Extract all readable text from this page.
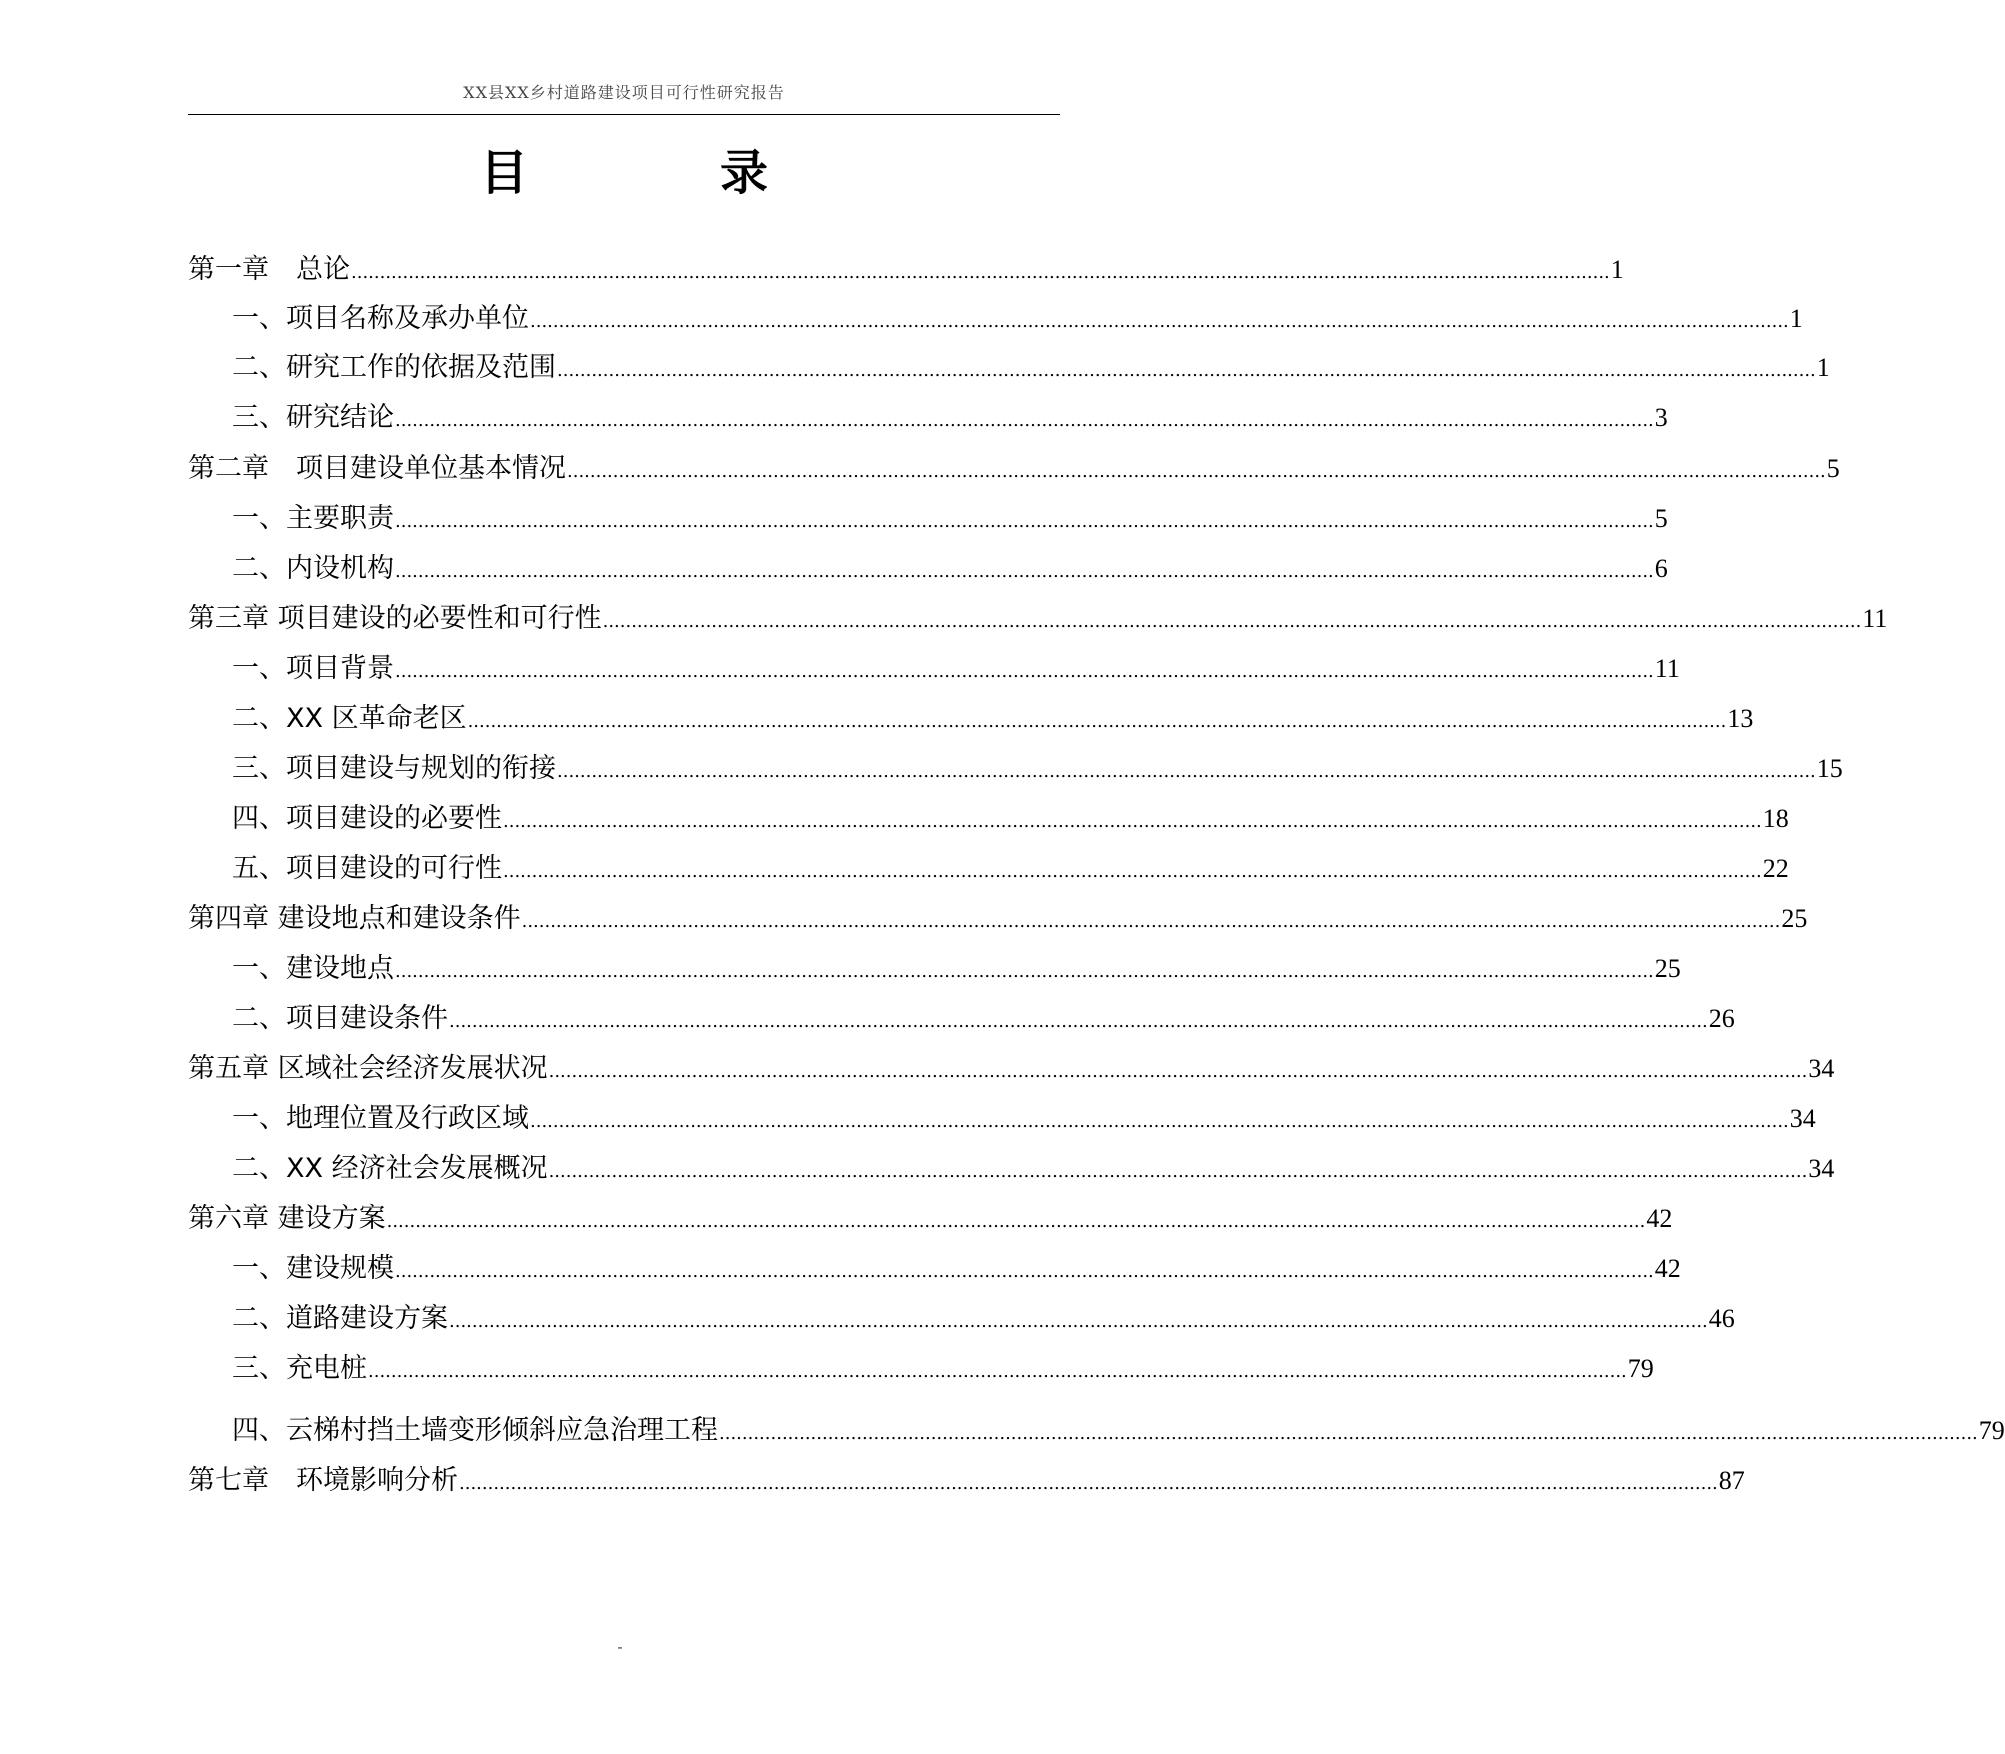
XX县XX乡村道路建设项目可行性研究报告
目　录
第一章　总论 ............................................................................................................................................................................................................................ 1
一、项目名称及承办单位 ............................................................................................................................................................................................................................ 1
二、研究工作的依据及范围 ............................................................................................................................................................................................................................ 1
三、研究结论 ............................................................................................................................................................................................................................ 3
第二章　项目建设单位基本情况 ............................................................................................................................................................................................................................ 5
一、主要职责 ............................................................................................................................................................................................................................ 5
二、内设机构 ............................................................................................................................................................................................................................ 6
第三章 项目建设的必要性和可行性 ............................................................................................................................................................................................................................ 11
一、项目背景 ............................................................................................................................................................................................................................ 11
二、XX 区革命老区 ............................................................................................................................................................................................................................ 13
三、项目建设与规划的衔接 ............................................................................................................................................................................................................................ 15
四、项目建设的必要性 ............................................................................................................................................................................................................................ 18
五、项目建设的可行性 ............................................................................................................................................................................................................................ 22
第四章 建设地点和建设条件 ............................................................................................................................................................................................................................ 25
一、建设地点 ............................................................................................................................................................................................................................ 25
二、项目建设条件 ............................................................................................................................................................................................................................ 26
第五章 区域社会经济发展状况 ............................................................................................................................................................................................................................ 34
一、地理位置及行政区域 ............................................................................................................................................................................................................................ 34
二、XX 经济社会发展概况 ............................................................................................................................................................................................................................ 34
第六章 建设方案 ............................................................................................................................................................................................................................ 42
一、建设规模 ............................................................................................................................................................................................................................ 42
二、道路建设方案 ............................................................................................................................................................................................................................ 46
三、充电桩 ............................................................................................................................................................................................................................ 79
四、云梯村挡土墙变形倾斜应急治理工程 ............................................................................................................................................................................................................................ 79
第七章　环境影响分析 ............................................................................................................................................................................................................................ 87
-
